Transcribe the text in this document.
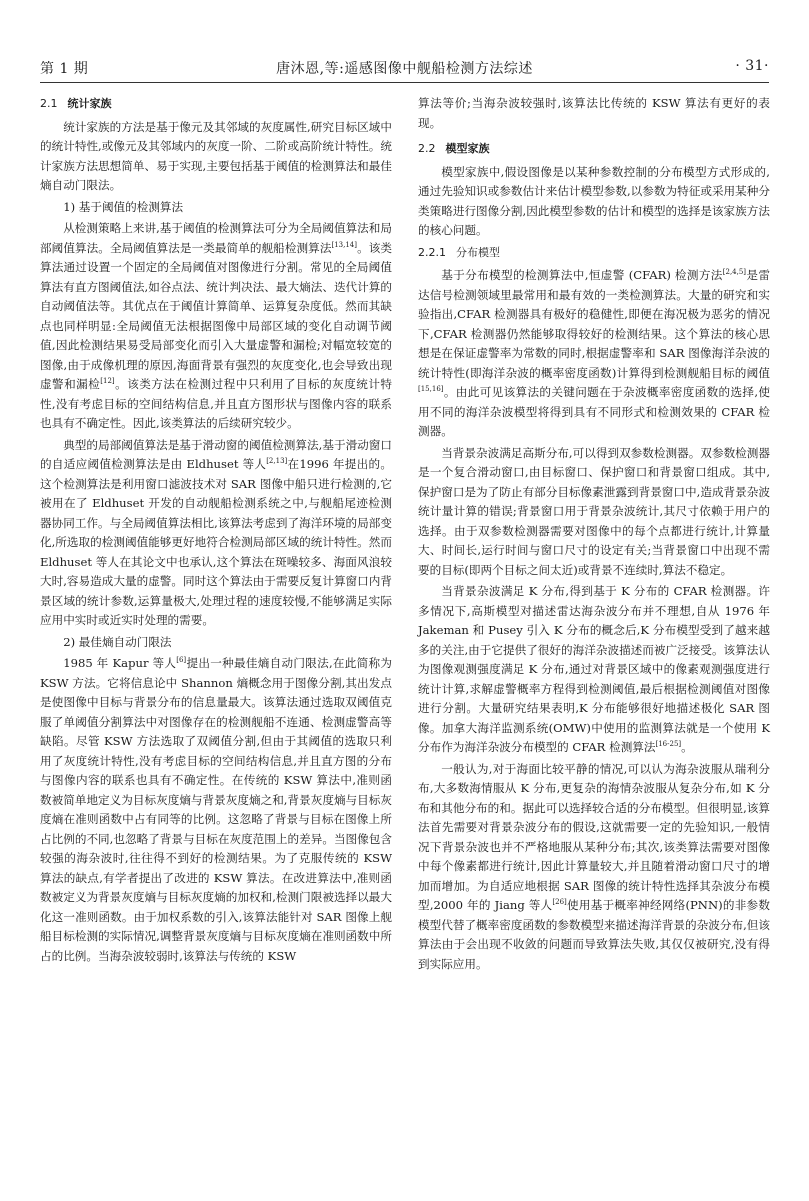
第 1 期	唐沐恩,等:遥感图像中舰船检测方法综述	· 31·
2.1 统计家族

统计家族的方法是基于像元及其邻域的灰度属性,研究目标区域中的统计特性,或像元及其邻域内的灰度一阶、二阶或高阶统计特性。统计家族方法思想简单、易于实现,主要包括基于阈值的检测算法和最佳熵自动门限法。

1) 基于阈值的检测算法

从检测策略上来讲,基于阈值的检测算法可分为全局阈值算法和局部阈值算法。全局阈值算法是一类最简单的舰船检测算法[13,14]。该类算法通过设置一个固定的全局阈值对图像进行分割。常见的全局阈值算法有直方图阈值法,如谷点法、统计判决法、最大熵法、迭代计算的自动阈值法等。其优点在于阈值计算简单、运算复杂度低。然而其缺点也同样明显:全局阈值无法根据图像中局部区域的变化自动调节阈值,因此检测结果易受局部变化而引入大量虚警和漏检;对幅宽较宽的图像,由于成像机理的原因,海面背景有强烈的灰度变化,也会导致出现虚警和漏检[12]。该类方法在检测过程中只利用了目标的灰度统计特性,没有考虑目标的空间结构信息,并且直方图形状与图像内容的联系也具有不确定性。因此,该类算法的后续研究较少。

典型的局部阈值算法是基于滑动窗的阈值检测算法,基于滑动窗口的自适应阈值检测算法是由 Eldhuset 等人[2,13]在1996 年提出的。这个检测算法是利用窗口滤波技术对 SAR 图像中船只进行检测的,它被用在了 Eldhuset 开发的自动舰船检测系统之中,与舰船尾迹检测器协同工作。与全局阈值算法相比,该算法考虑到了海洋环境的局部变化,所选取的检测阈值能够更好地符合检测局部区域的统计特性。然而 Eldhuset 等人在其论文中也承认,这个算法在斑噪较多、海面风浪较大时,容易造成大量的虚警。同时这个算法由于需要反复计算窗口内背景区域的统计参数,运算量极大,处理过程的速度较慢,不能够满足实际应用中实时或近实时处理的需要。

2) 最佳熵自动门限法

1985 年 Kapur 等人[6]提出一种最佳熵自动门限法,在此简称为 KSW 方法。它将信息论中 Shannon 熵概念用于图像分割,其出发点是使图像中目标与背景分布的信息量最大。该算法通过选取双阈值克服了单阈值分割算法中对图像存在的检测舰船不连通、检测虚警高等缺陷。尽管 KSW 方法选取了双阈值分割,但由于其阈值的选取只利用了灰度统计特性,没有考虑目标的空间结构信息,并且直方图的分布与图像内容的联系也具有不确定性。在传统的 KSW 算法中,准则函数被简单地定义为目标灰度熵与背景灰度熵之和,背景灰度熵与目标灰度熵在准则函数中占有同等的比例。这忽略了背景与目标在图像上所占比例的不同,也忽略了背景与目标在灰度范围上的差异。当图像包含较强的海杂波时,往往得不到好的检测结果。为了克服传统的 KSW 算法的缺点,有学者提出了改进的 KSW 算法。在改进算法中,准则函数被定义为背景灰度熵与目标灰度熵的加权和,检测门限被选择以最大化这一准则函数。由于加权系数的引入,该算法能针对 SAR 图像上舰船目标检测的实际情况,调整背景灰度熵与目标灰度熵在准则函数中所占的比例。当海杂波较弱时,该算法与传统的 KSW

算法等价;当海杂波较强时,该算法比传统的 KSW 算法有更好的表现。

2.2 模型家族

模型家族中,假设图像是以某种参数控制的分布模型方式形成的,通过先验知识或参数估计来估计模型参数,以参数为特征或采用某种分类策略进行图像分割,因此模型参数的估计和模型的选择是该家族方法的核心问题。

2.2.1 分布模型

基于分布模型的检测算法中,恒虚警 (CFAR) 检测方法[2,4,5]是雷达信号检测领域里最常用和最有效的一类检测算法。大量的研究和实验指出,CFAR 检测器具有极好的稳健性,即便在海况极为恶劣的情况下,CFAR 检测器仍然能够取得较好的检测结果。这个算法的核心思想是在保证虚警率为常数的同时,根据虚警率和 SAR 图像海洋杂波的统计特性(即海洋杂波的概率密度函数)计算得到检测舰船目标的阈值[15,16]。由此可见该算法的关键问题在于杂波概率密度函数的选择,使用不同的海洋杂波模型将得到具有不同形式和检测效果的 CFAR 检测器。

当背景杂波满足高斯分布,可以得到双参数检测器。双参数检测器是一个复合滑动窗口,由目标窗口、保护窗口和背景窗口组成。其中,保护窗口是为了防止有部分目标像素泄露到背景窗口中,造成背景杂波统计量计算的错误;背景窗口用于背景杂波统计,其尺寸依赖于用户的选择。由于双参数检测器需要对图像中的每个点都进行统计,计算量大、时间长,运行时间与窗口尺寸的设定有关;当背景窗口中出现不需要的目标(即两个目标之间太近)或背景不连续时,算法不稳定。

当背景杂波满足 K 分布,得到基于 K 分布的 CFAR 检测器。许多情况下,高斯模型对描述雷达海杂波分布并不理想,自从 1976 年 Jakeman 和 Pusey 引入 K 分布的概念后,K 分布模型受到了越来越多的关注,由于它提供了很好的海洋杂波描述而被广泛接受。该算法认为图像观测强度满足 K 分布,通过对背景区域中的像素观测强度进行统计计算,求解虚警概率方程得到检测阈值,最后根据检测阈值对图像进行分割。大量研究结果表明,K 分布能够很好地描述极化 SAR 图像。加拿大海洋监测系统(OMW)中使用的监测算法就是一个使用 K 分布作为海洋杂波分布模型的 CFAR 检测算法[16-25]。

一般认为,对于海面比较平静的情况,可以认为海杂波服从瑞利分布,大多数海情服从 K 分布,更复杂的海情杂波服从复杂分布,如 K 分布和其他分布的和。据此可以选择较合适的分布模型。但很明显,该算法首先需要对背景杂波分布的假设,这就需要一定的先验知识,一般情况下背景杂波也并不严格地服从某种分布;其次,该类算法需要对图像中每个像素都进行统计,因此计算量较大,并且随着滑动窗口尺寸的增加而增加。为自适应地根据 SAR 图像的统计特性选择其杂波分布模型,2000 年的 Jiang 等人[26]使用基于概率神经网络(PNN)的非参数模型代替了概率密度函数的参数模型来描述海洋背景的杂波分布,但该算法由于会出现不收敛的问题而导致算法失败,其仅仅被研究,没有得到实际应用。
